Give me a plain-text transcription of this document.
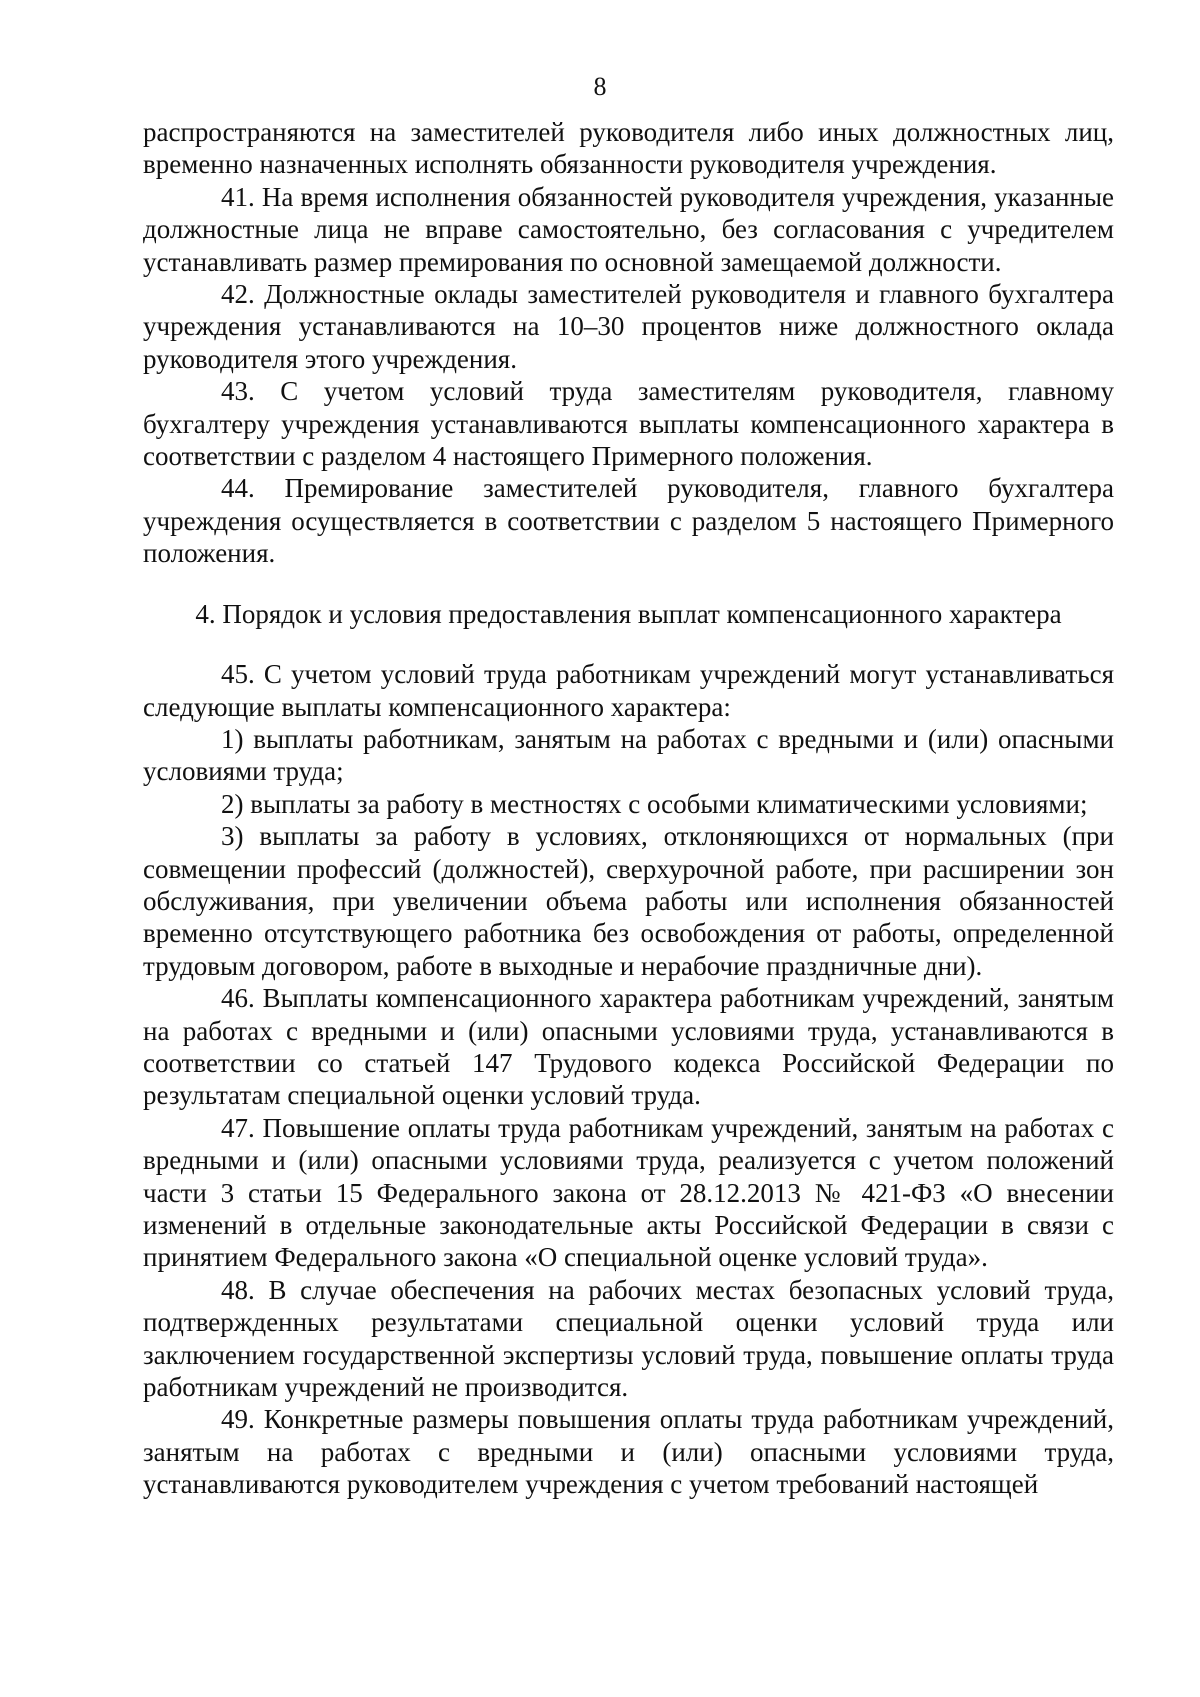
8

распространяются на заместителей руководителя либо иных должностных лиц, временно назначенных исполнять обязанности руководителя учреждения.

41. На время исполнения обязанностей руководителя учреждения, указанные должностные лица не вправе самостоятельно, без согласования с учредителем устанавливать размер премирования по основной замещаемой должности.

42. Должностные оклады заместителей руководителя и главного бухгалтера учреждения устанавливаются на 10–30 процентов ниже должностного оклада руководителя этого учреждения.

43. С учетом условий труда заместителям руководителя, главному бухгалтеру учреждения устанавливаются выплаты компенсационного характера в соответствии с разделом 4 настоящего Примерного положения.

44. Премирование заместителей руководителя, главного бухгалтера учреждения осуществляется в соответствии с разделом 5 настоящего Примерного положения.

4. Порядок и условия предоставления выплат компенсационного характера

45. С учетом условий труда работникам учреждений могут устанавливаться следующие выплаты компенсационного характера:

1) выплаты работникам, занятым на работах с вредными и (или) опасными условиями труда;

2) выплаты за работу в местностях с особыми климатическими условиями;

3) выплаты за работу в условиях, отклоняющихся от нормальных (при совмещении профессий (должностей), сверхурочной работе, при расширении зон обслуживания, при увеличении объема работы или исполнения обязанностей временно отсутствующего работника без освобождения от работы, определенной трудовым договором, работе в выходные и нерабочие праздничные дни).

46. Выплаты компенсационного характера работникам учреждений, занятым на работах с вредными и (или) опасными условиями труда, устанавливаются в соответствии со статьей 147 Трудового кодекса Российской Федерации по результатам специальной оценки условий труда.

47. Повышение оплаты труда работникам учреждений, занятым на работах с вредными и (или) опасными условиями труда, реализуется с учетом положений части 3 статьи 15 Федерального закона от 28.12.2013 № 421-ФЗ «О внесении изменений в отдельные законодательные акты Российской Федерации в связи с принятием Федерального закона «О специальной оценке условий труда».

48. В случае обеспечения на рабочих местах безопасных условий труда, подтвержденных результатами специальной оценки условий труда или заключением государственной экспертизы условий труда, повышение оплаты труда работникам учреждений не производится.

49. Конкретные размеры повышения оплаты труда работникам учреждений, занятым на работах с вредными и (или) опасными условиями труда, устанавливаются руководителем учреждения с учетом требований настоящей
